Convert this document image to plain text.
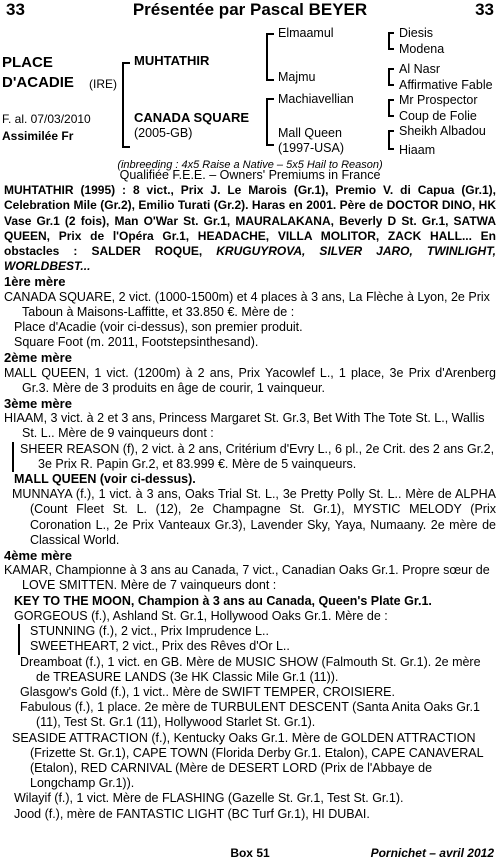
33	Présentée par Pascal BEYER	33
PLACE
D'ACADIE (IRE)
F. al. 07/03/2010
Assimilée Fr
MUHTATHIR
CANADA SQUARE
(2005-GB)
Elmaamul
Majmu
Machiavellian
Mall Queen
(1997-USA)
Diesis
Modena
Al Nasr
Affirmative Fable
Mr Prospector
Coup de Folie
Sheikh Albadou
Hiaam
(inbreeding : 4x5 Raise a Native – 5x5 Hail to Reason)

Qualifiée F.E.E. – Owners' Premiums in France

MUHTATHIR (1995) : 8 vict., Prix J. Le Marois (Gr.1), Premio V. di Capua (Gr.1), Celebration Mile (Gr.2), Emilio Turati (Gr.2). Haras en 2001. Père de DOCTOR DINO, HK Vase Gr.1 (2 fois), Man O'War St. Gr.1, MAURALAKANA, Beverly D St. Gr.1, SATWA QUEEN, Prix de l'Opéra Gr.1, HEADACHE, VILLA MOLITOR, ZACK HALL... En obstacles : SALDER ROQUE, KRUGUYROVA, SILVER JARO, TWINLIGHT, WORLDBEST...

1ère mère

CANADA SQUARE, 2 vict. (1000-1500m) et 4 places à 3 ans, La Flèche à Lyon, 2e Prix Taboun à Maisons-Laffitte, et 33.850 €. Mère de :

Place d'Acadie (voir ci-dessus), son premier produit.

Square Foot (m. 2011, Footstepsinthesand).

2ème mère

MALL QUEEN, 1 vict. (1200m) à 2 ans, Prix Yacowlef L., 1 place, 3e Prix d'Arenberg Gr.3. Mère de 3 produits en âge de courir, 1 vainqueur.

3ème mère

HIAAM, 3 vict. à 2 et 3 ans, Princess Margaret St. Gr.3, Bet With The Tote St. L., Wallis St. L.. Mère de 9 vainqueurs dont :

SHEER REASON (f), 2 vict. à 2 ans, Critérium d'Evry L., 6 pl., 2e Crit. des 2 ans Gr.2, 3e Prix R. Papin Gr.2, et 83.999 €. Mère de 5 vainqueurs.

MALL QUEEN (voir ci-dessus).

MUNNAYA (f.), 1 vict. à 3 ans, Oaks Trial St. L., 3e Pretty Polly St. L.. Mère de ALPHA (Count Fleet St. L. (12), 2e Champagne St. Gr.1), MYSTIC MELODY (Prix Coronation L., 2e Prix Vanteaux Gr.3), Lavender Sky, Yaya, Numaany. 2e mère de Classical World.

4ème mère

KAMAR, Championne à 3 ans au Canada, 7 vict., Canadian Oaks Gr.1. Propre sœur de LOVE SMITTEN. Mère de 7 vainqueurs dont :

KEY TO THE MOON, Champion à 3 ans au Canada, Queen's Plate Gr.1.

GORGEOUS (f.), Ashland St. Gr.1, Hollywood Oaks Gr.1. Mère de :

STUNNING (f.), 2 vict., Prix Imprudence L..

SWEETHEART, 2 vict., Prix des Rêves d'Or L..

Dreamboat (f.), 1 vict. en GB. Mère de MUSIC SHOW (Falmouth St. Gr.1). 2e mère de TREASURE LANDS (3e HK Classic Mile Gr.1 (11)).

Glasgow's Gold (f.), 1 vict.. Mère de SWIFT TEMPER, CROISIERE.

Fabulous (f.), 1 place. 2e mère de TURBULENT DESCENT (Santa Anita Oaks Gr.1 (11), Test St. Gr.1 (11), Hollywood Starlet St. Gr.1).

SEASIDE ATTRACTION (f.), Kentucky Oaks Gr.1. Mère de GOLDEN ATTRACTION (Frizette St. Gr.1), CAPE TOWN (Florida Derby Gr.1. Etalon), CAPE CANAVERAL (Etalon), RED CARNIVAL (Mère de DESERT LORD (Prix de l'Abbaye de Longchamp Gr.1)).

Wilayif (f.), 1 vict. Mère de FLASHING (Gazelle St. Gr.1, Test St. Gr.1).

Jood (f.), mère de FANTASTIC LIGHT (BC Turf Gr.1), HI DUBAI.

Box 51	Pornichet – avril 2012
